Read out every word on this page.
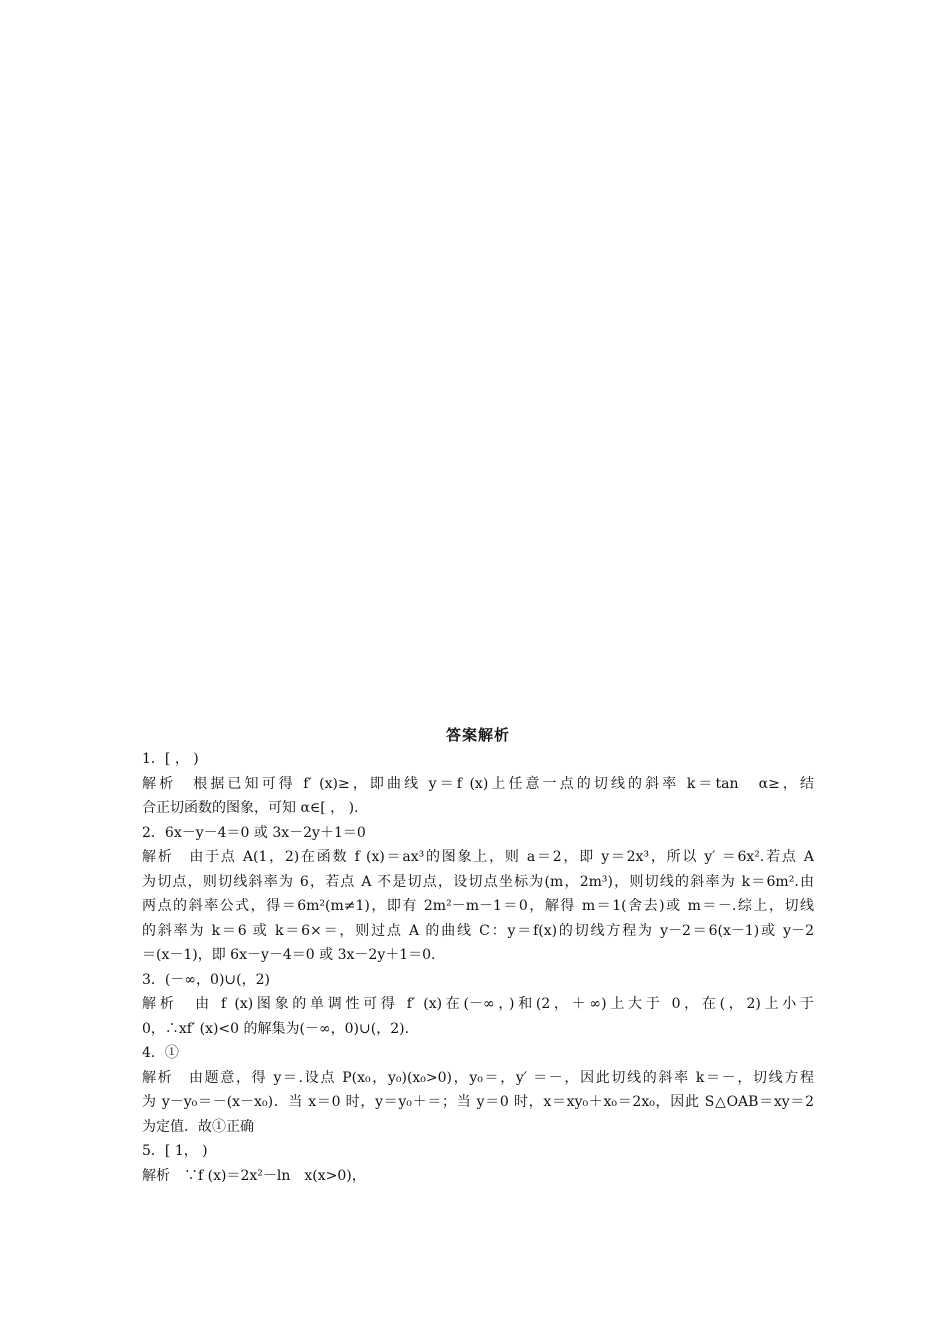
答案解析
1．[ ， )
解析　根据已知可得 f′ (x)≥，即曲线 y＝f (x)上任意一点的切线的斜率 k＝tan　α≥，结
合正切函数的图象，可知 α∈[ ， )．
2．6x－y－4＝0 或 3x－2y＋1＝0
解析　由于点 A(1，2)在函数 f (x)＝ax³的图象上，则 a＝2，即 y＝2x³，所以 y′ ＝6x².若点 A
为切点，则切线斜率为 6，若点 A 不是切点，设切点坐标为(m，2m³)，则切线的斜率为 k＝6m².由
两点的斜率公式，得＝6m²(m≠1)，即有 2m²－m－1＝0，解得 m＝1(舍去)或 m＝－.综上，切线
的斜率为 k＝6 或 k＝6×＝，则过点 A 的曲线 C：y＝f(x)的切线方程为 y－2＝6(x－1)或 y－2
＝(x－1)，即 6x－y－4＝0 或 3x－2y＋1＝0.
3．(－∞，0)∪(，2)
解析　由 f (x)图象的单调性可得 f′ (x)在(－∞，)和(2，＋∞)上大于 0，在(，2)上小于
0，∴xf′ (x)<0 的解集为(－∞，0)∪(，2)．
4．①
解析　由题意，得 y＝.设点 P(x₀，y₀)(x₀>0)，y₀＝，y′ ＝－，因此切线的斜率 k＝－，切线方程
为 y－y₀＝－(x－x₀)．当 x＝0 时，y＝y₀＋＝；当 y＝0 时，x＝xy₀＋x₀＝2x₀，因此 S△OAB＝xy＝2
为定值．故①正确
5．[ 1， )
解析　∵f (x)＝2x²－ln　x(x>0)，
